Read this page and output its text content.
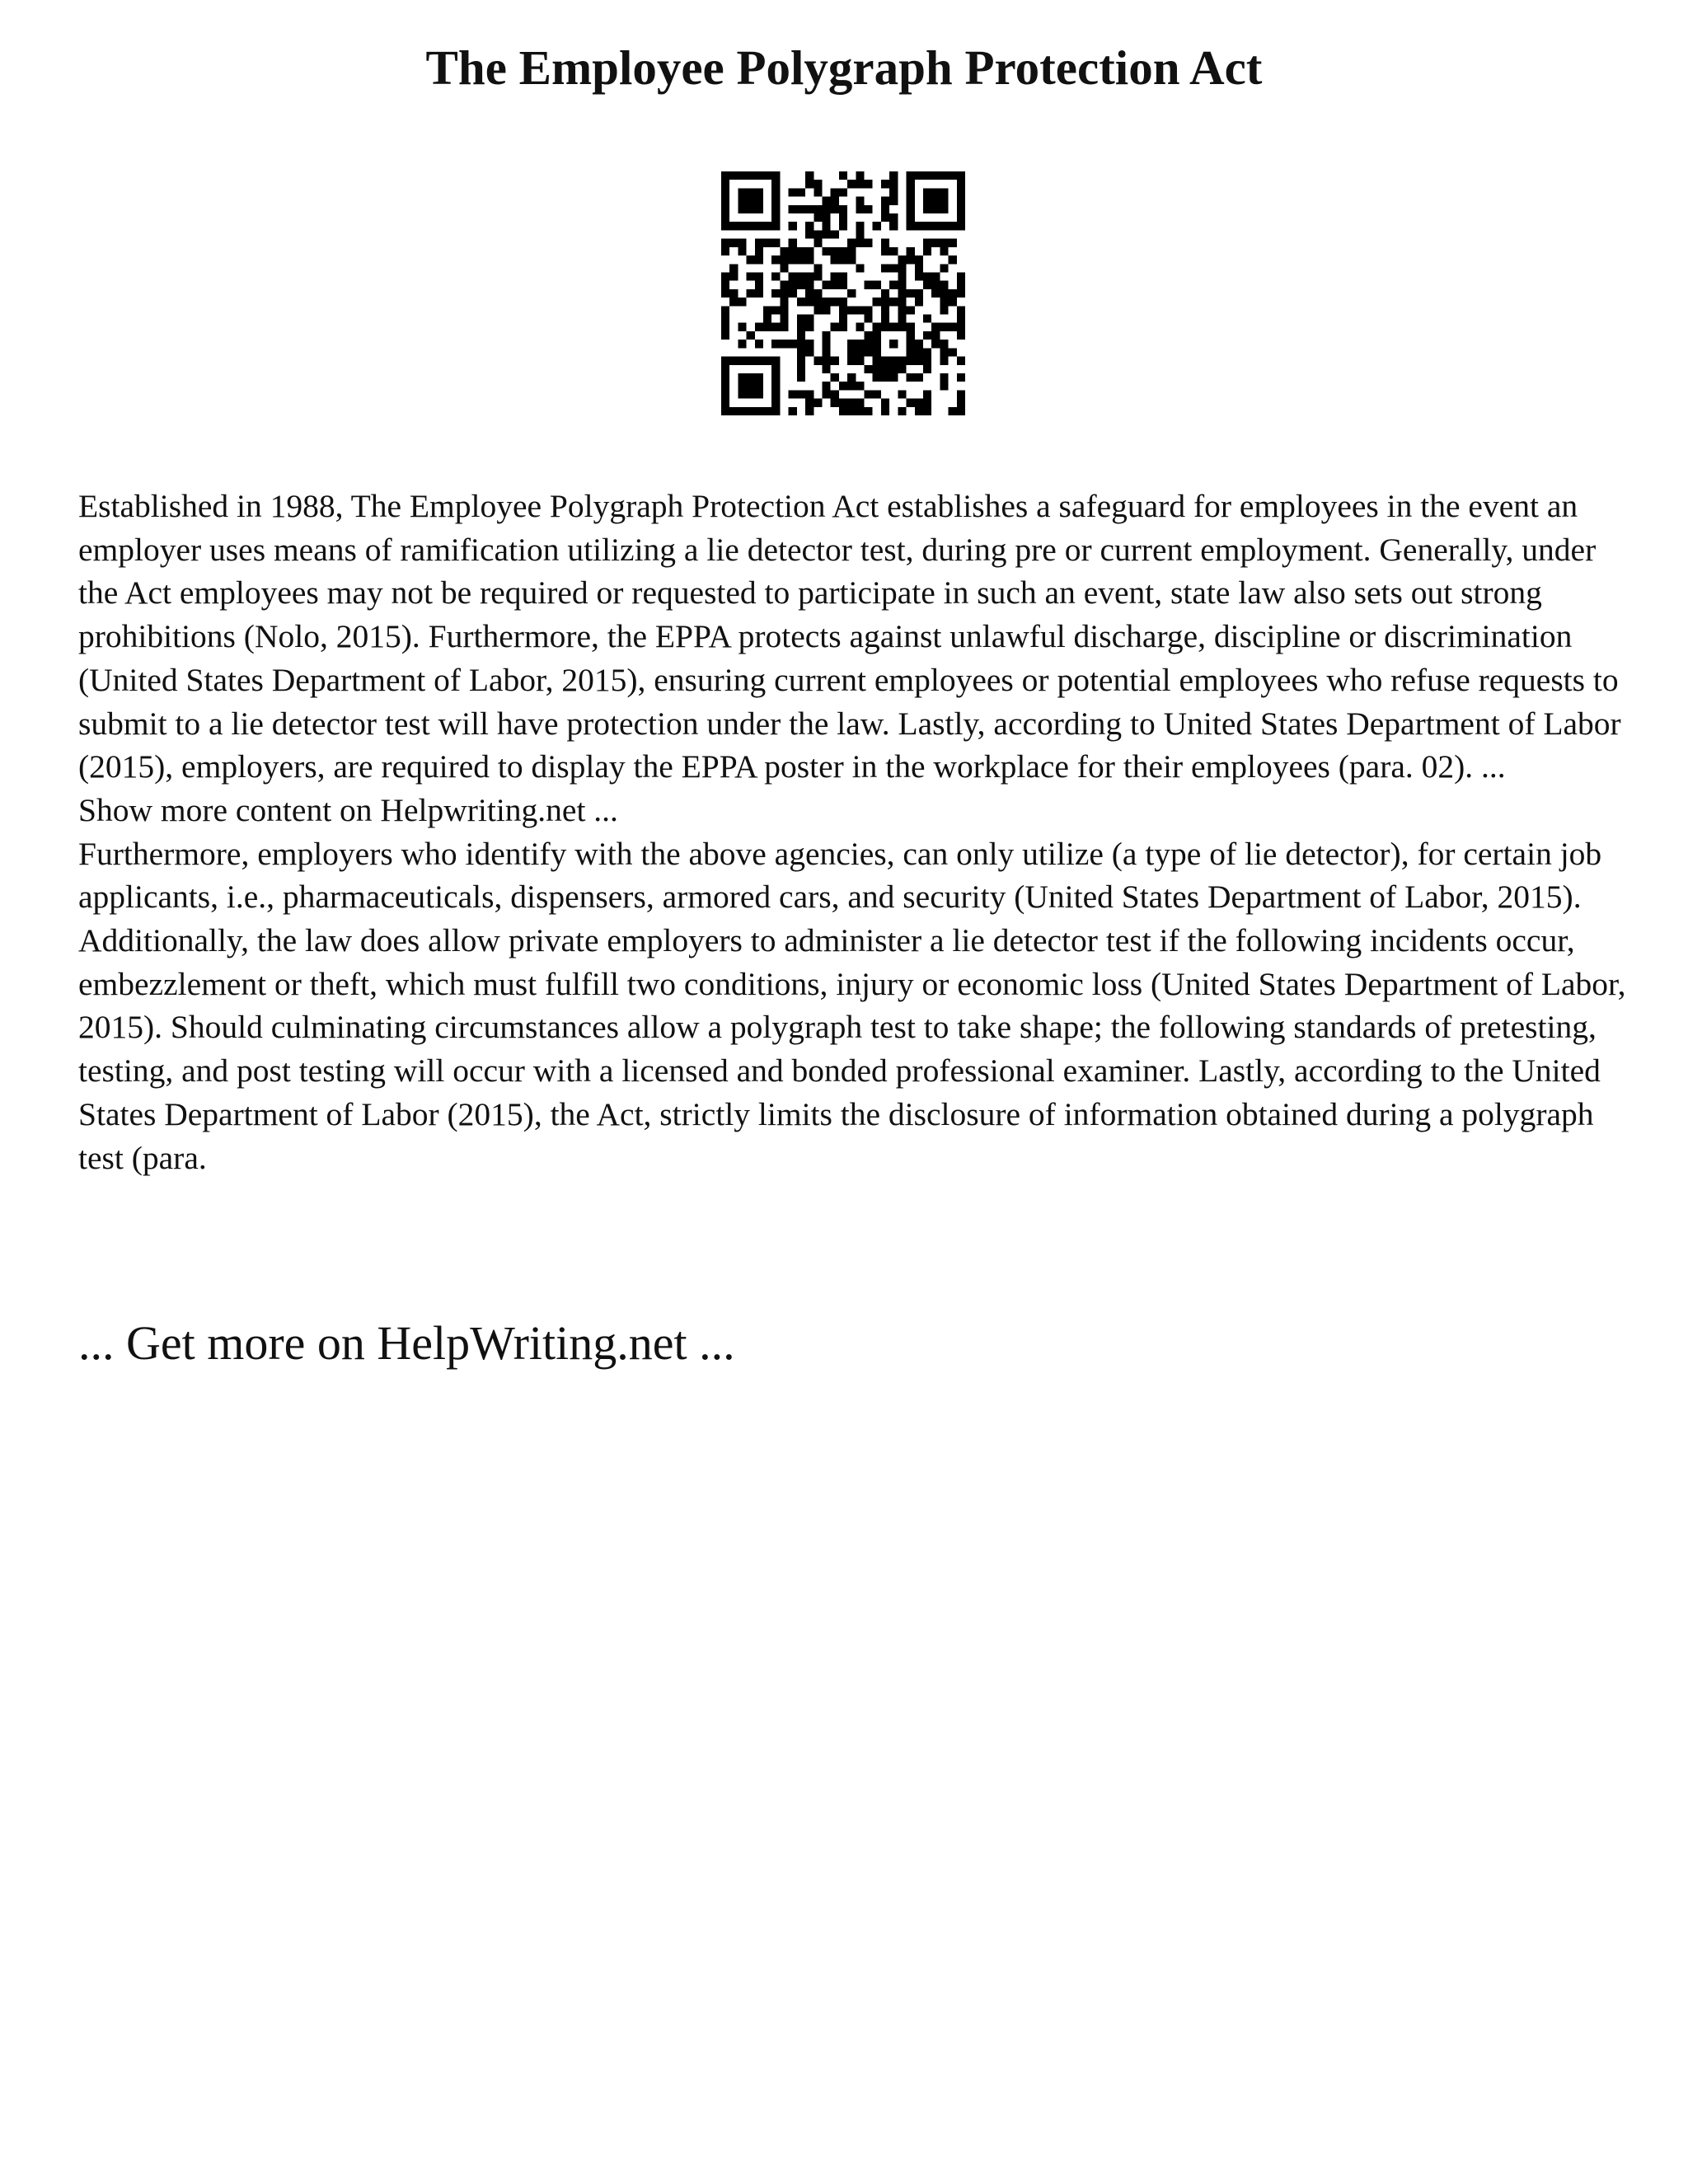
The Employee Polygraph Protection Act

Established in 1988, The Employee Polygraph Protection Act establishes a safeguard for employees in the event an employer uses means of ramification utilizing a lie detector test, during pre or current employment. Generally, under the Act employees may not be required or requested to participate in such an event, state law also sets out strong prohibitions (Nolo, 2015). Furthermore, the EPPA protects against unlawful discharge, discipline or discrimination (United States Department of Labor, 2015), ensuring current employees or potential employees who refuse requests to submit to a lie detector test will have protection under the law. Lastly, according to United States Department of Labor (2015), employers, are required to display the EPPA poster in the workplace for their employees (para. 02). ...

Show more content on Helpwriting.net ...

Furthermore, employers who identify with the above agencies, can only utilize (a type of lie detector), for certain job applicants, i.e., pharmaceuticals, dispensers, armored cars, and security (United States Department of Labor, 2015). Additionally, the law does allow private employers to administer a lie detector test if the following incidents occur, embezzlement or theft, which must fulfill two conditions, injury or economic loss (United States Department of Labor, 2015). Should culminating circumstances allow a polygraph test to take shape; the following standards of pretesting, testing, and post testing will occur with a licensed and bonded professional examiner. Lastly, according to the United States Department of Labor (2015), the Act, strictly limits the disclosure of information obtained during a polygraph test (para.

... Get more on HelpWriting.net ...
